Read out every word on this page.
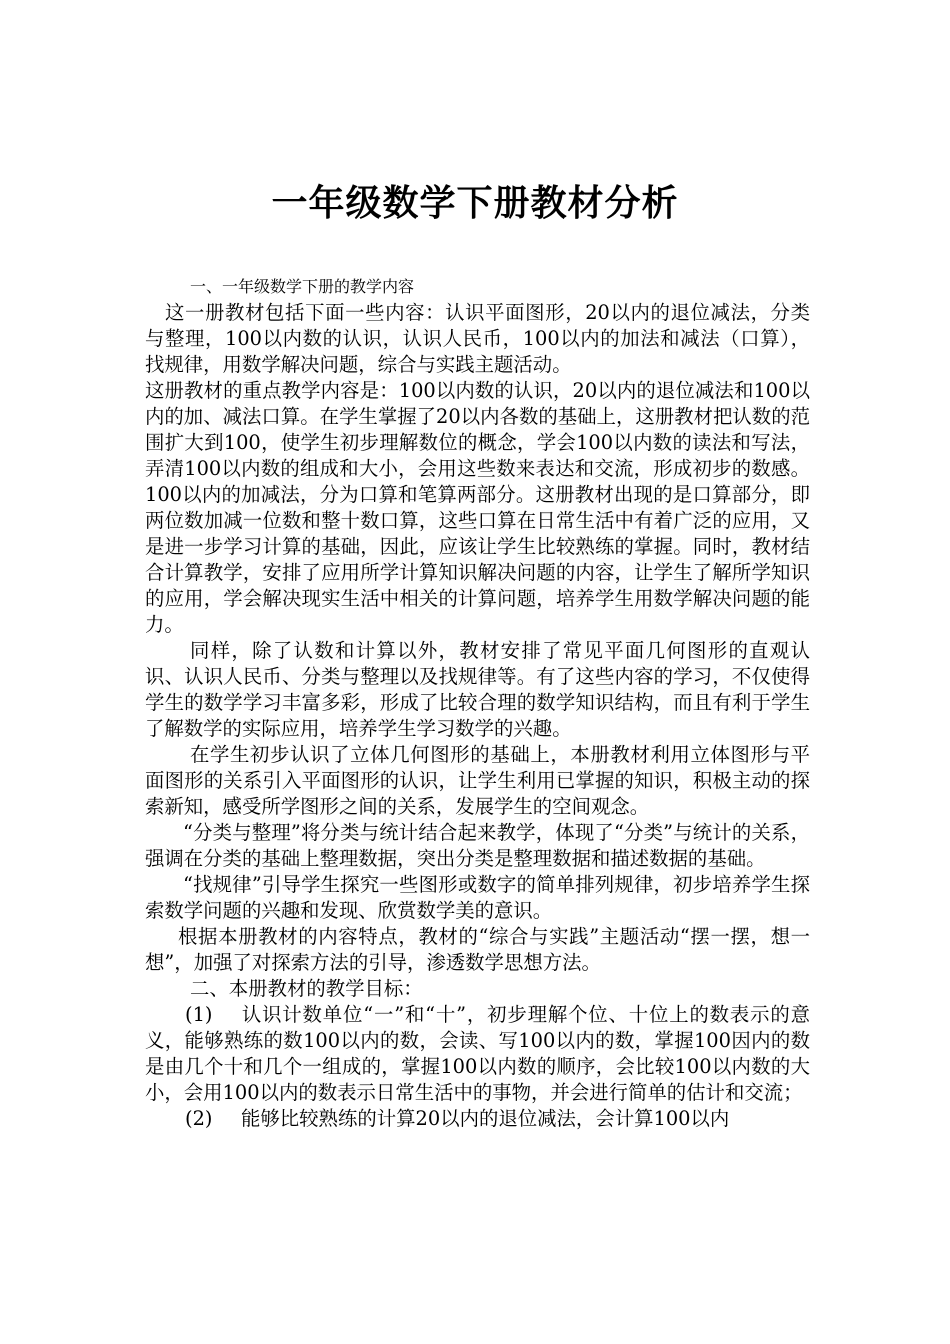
一年级数学下册教材分析

一、一年级数学下册的教学内容

这一册教材包括下面一些内容：认识平面图形，20以内的退位减法，分类与整理，100以内数的认识，认识人民币，100以内的加法和减法（口算），找规律，用数学解决问题，综合与实践主题活动。

这册教材的重点教学内容是：100以内数的认识，20以内的退位减法和100以内的加、减法口算。在学生掌握了20以内各数的基础上，这册教材把认数的范围扩大到100，使学生初步理解数位的概念，学会100以内数的读法和写法，弄清100以内数的组成和大小，会用这些数来表达和交流，形成初步的数感。100以内的加减法，分为口算和笔算两部分。这册教材出现的是口算部分，即两位数加减一位数和整十数口算，这些口算在日常生活中有着广泛的应用，又是进一步学习计算的基础，因此，应该让学生比较熟练的掌握。同时，教材结合计算教学，安排了应用所学计算知识解决问题的内容，让学生了解所学知识的应用，学会解决现实生活中相关的计算问题，培养学生用数学解决问题的能力。

同样，除了认数和计算以外，教材安排了常见平面几何图形的直观认识、认识人民币、分类与整理以及找规律等。有了这些内容的学习，不仅使得学生的数学学习丰富多彩，形成了比较合理的数学知识结构，而且有利于学生了解数学的实际应用，培养学生学习数学的兴趣。

在学生初步认识了立体几何图形的基础上，本册教材利用立体图形与平面图形的关系引入平面图形的认识，让学生利用已掌握的知识，积极主动的探索新知，感受所学图形之间的关系，发展学生的空间观念。

“分类与整理”将分类与统计结合起来教学，体现了“分类”与统计的关系，强调在分类的基础上整理数据，突出分类是整理数据和描述数据的基础。

“找规律”引导学生探究一些图形或数字的简单排列规律，初步培养学生探索数学问题的兴趣和发现、欣赏数学美的意识。

根据本册教材的内容特点，教材的“综合与实践”主题活动“摆一摆，想一想”，加强了对探索方法的引导，渗透数学思想方法。

二、本册教材的教学目标：

(1) 认识计数单位“一”和“十”，初步理解个位、十位上的数表示的意义，能够熟练的数100以内的数，会读、写100以内的数，掌握100因内的数是由几个十和几个一组成的，掌握100以内数的顺序，会比较100以内数的大小，会用100以内的数表示日常生活中的事物，并会进行简单的估计和交流；

(2) 能够比较熟练的计算20以内的退位减法，会计算100以内
